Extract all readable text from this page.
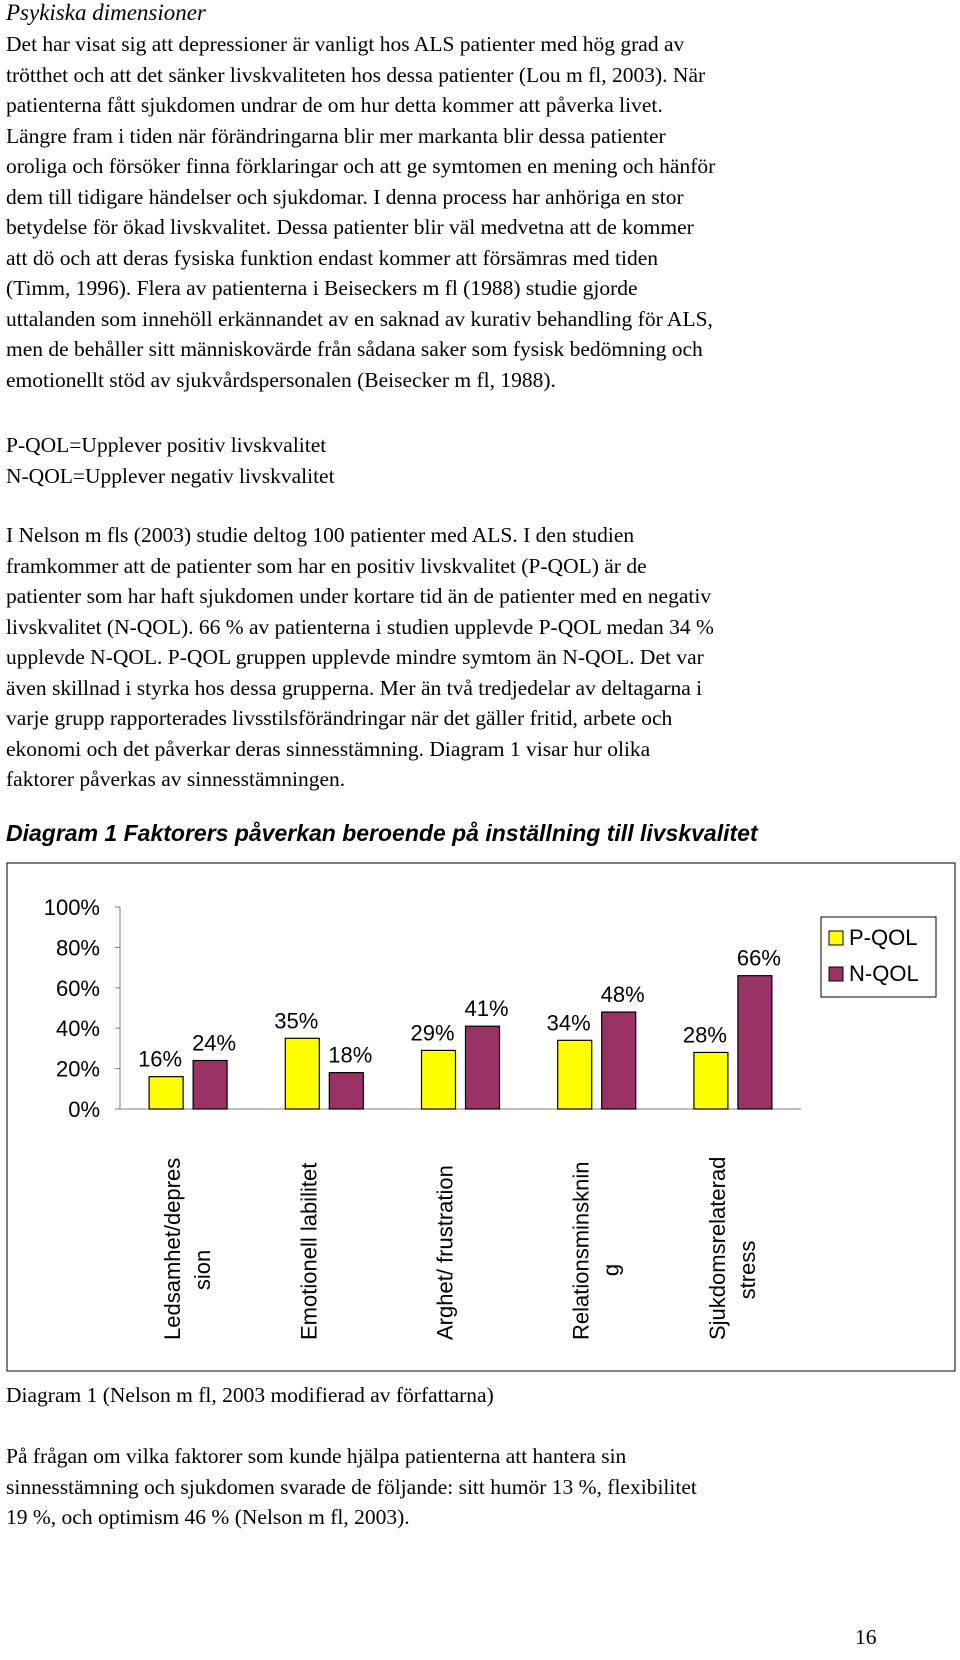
Psykiska dimensioner
Det har visat sig att depressioner är vanligt hos ALS patienter med hög grad av
trötthet och att det sänker livskvaliteten hos dessa patienter (Lou m fl, 2003). När
patienterna fått sjukdomen undrar de om hur detta kommer att påverka livet.
Längre fram i tiden när förändringarna blir mer markanta blir dessa patienter
oroliga och försöker finna förklaringar och att ge symtomen en mening och hänför
dem till tidigare händelser och sjukdomar. I denna process har anhöriga en stor
betydelse för ökad livskvalitet. Dessa patienter blir väl medvetna att de kommer
att dö och att deras fysiska funktion endast kommer att försämras med tiden
(Timm, 1996). Flera av patienterna i Beiseckers m fl (1988) studie gjorde
uttalanden som innehöll erkännandet av en saknad av kurativ behandling för ALS,
men de behåller sitt människovärde från sådana saker som fysisk bedömning och
emotionellt stöd av sjukvårdspersonalen (Beisecker m fl, 1988).
P-QOL=Upplever positiv livskvalitet
N-QOL=Upplever negativ livskvalitet
I Nelson m fls (2003) studie deltog 100 patienter med ALS. I den studien
framkommer att de patienter som har en positiv livskvalitet (P-QOL) är de
patienter som har haft sjukdomen under kortare tid än de patienter med en negativ
livskvalitet (N-QOL). 66 % av patienterna i studien upplevde P-QOL medan 34 %
upplevde N-QOL. P-QOL gruppen upplevde mindre symtom än N-QOL. Det var
även skillnad i styrka hos dessa grupperna. Mer än två tredjedelar av deltagarna i
varje grupp rapporterades livsstilsförändringar när det gäller fritid, arbete och
ekonomi och det påverkar deras sinnesstämning. Diagram 1 visar hur olika
faktorer påverkas av sinnesstämningen.
Diagram 1 Faktorers påverkan beroende på inställning till livskvalitet
0%
20%
40%
60%
80%
100%
16%
24%
Ledsamhet/depres sion
35%
18%
Emotionell labilitet
29%
41%
Arghet/ frustration
34%
48%
Relationsminsknin g
28%
66%
Sjukdomsrelaterad stress
P-QOL
N-QOL
Diagram 1 (Nelson m fl, 2003 modifierad av författarna)
På frågan om vilka faktorer som kunde hjälpa patienterna att hantera sin
sinnesstämning och sjukdomen svarade de följande: sitt humör 13 %, flexibilitet
19 %, och optimism 46 % (Nelson m fl, 2003).
16
